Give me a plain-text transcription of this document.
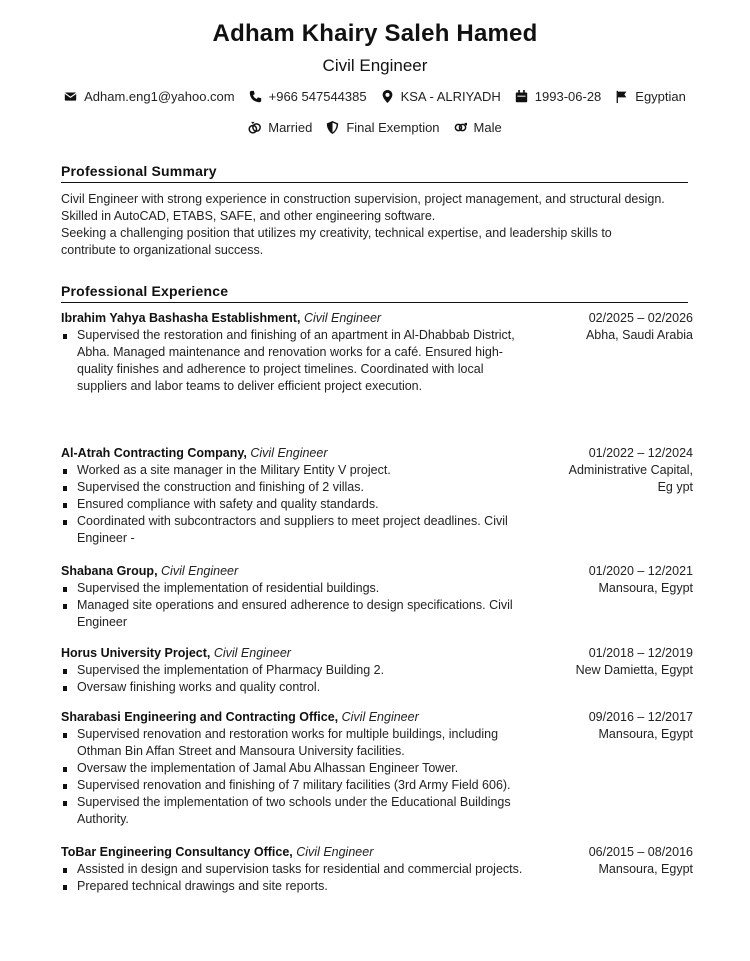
Adham Khairy Saleh Hamed
Civil Engineer
Adham.eng1@yahoo.com	+966 547544385	KSA - ALRIYADH	1993-06-28	Egyptian
Married	Final Exemption	Male
Professional Summary
Civil Engineer with strong experience in construction supervision, project management, and structural design.
Skilled in AutoCAD, ETABS, SAFE, and other engineering software.
Seeking a challenging position that utilizes my creativity, technical expertise, and leadership skills to contribute to organizational success.
Professional Experience
Ibrahim Yahya Bashasha Establishment, Civil Engineer	02/2025 – 02/2026
Abha, Saudi Arabia
Supervised the restoration and finishing of an apartment in Al-Dhabbab District, Abha. Managed maintenance and renovation works for a café. Ensured high-quality finishes and adherence to project timelines. Coordinated with local suppliers and labor teams to deliver efficient project execution.
Al-Atrah Contracting Company, Civil Engineer	01/2022 – 12/2024
Administrative Capital, Eg ypt
Worked as a site manager in the Military Entity V project.
Supervised the construction and finishing of 2 villas.
Ensured compliance with safety and quality standards.
Coordinated with subcontractors and suppliers to meet project deadlines. Civil Engineer -
Shabana Group, Civil Engineer	01/2020 – 12/2021
Mansoura, Egypt
Supervised the implementation of residential buildings.
Managed site operations and ensured adherence to design specifications. Civil Engineer
Horus University Project, Civil Engineer	01/2018 – 12/2019
New Damietta, Egypt
Supervised the implementation of Pharmacy Building 2.
Oversaw finishing works and quality control.
Sharabasi Engineering and Contracting Office, Civil Engineer	09/2016 – 12/2017
Mansoura, Egypt
Supervised renovation and restoration works for multiple buildings, including Othman Bin Affan Street and Mansoura University facilities.
Oversaw the implementation of Jamal Abu Alhassan Engineer Tower.
Supervised renovation and finishing of 7 military facilities (3rd Army Field 606).
Supervised the implementation of two schools under the Educational Buildings Authority.
ToBar Engineering Consultancy Office, Civil Engineer	06/2015 – 08/2016
Mansoura, Egypt
Assisted in design and supervision tasks for residential and commercial projects.
Prepared technical drawings and site reports.
